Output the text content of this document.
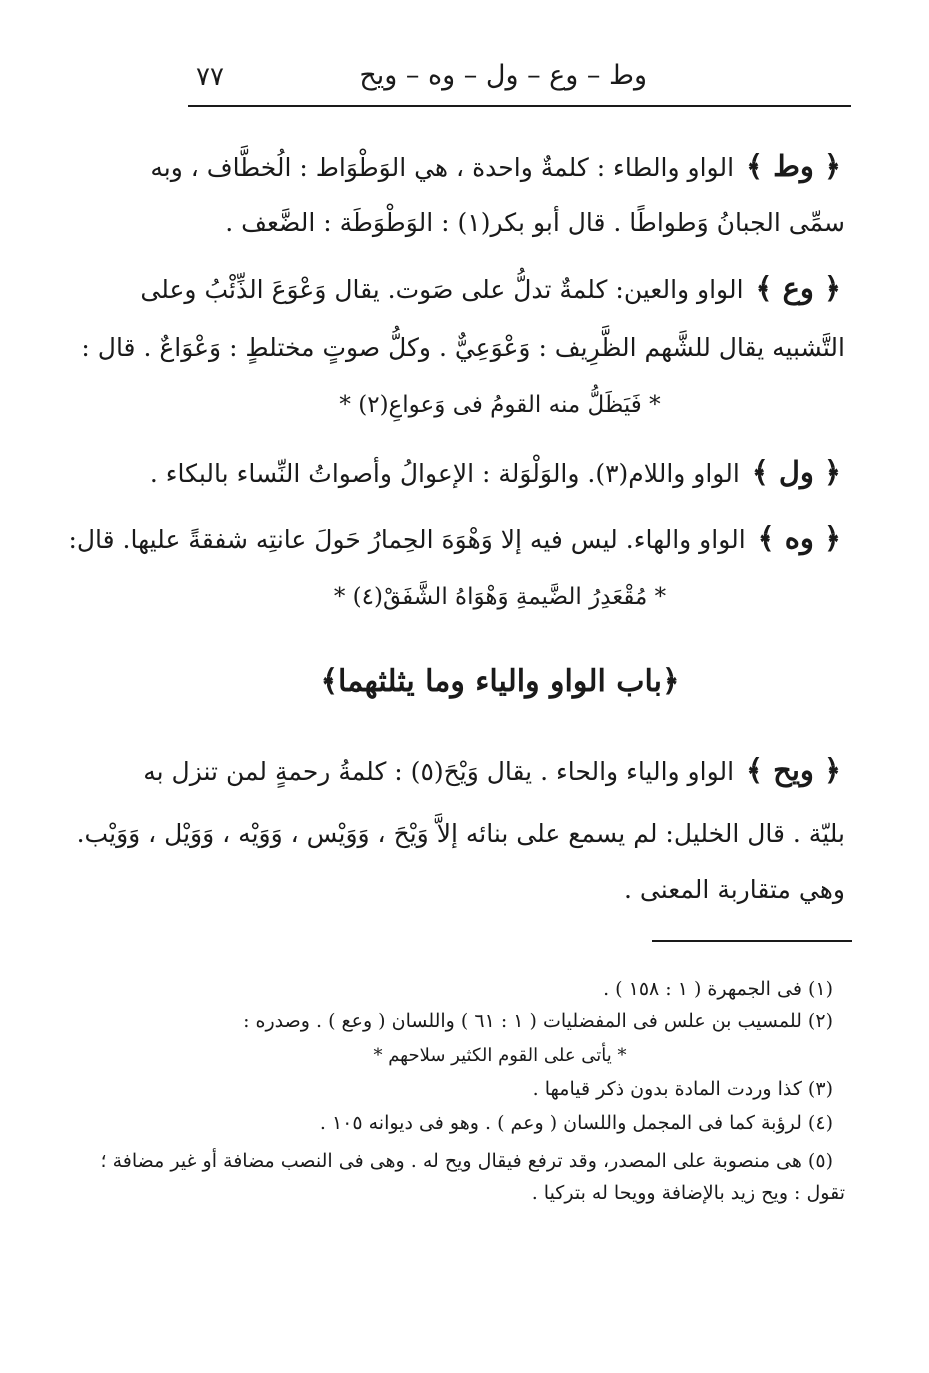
٧٧	وط – وع – ول – وه – ويح
﴿ وط ﴾ الواو والطاء : كلمةٌ واحدة ، هي الوَطْوَاط : الُخطَّاف ، وبه
سمِّى الجبانُ وَطواطًا . قال أبو بكر(١) : الوَطْوَطَة : الضَّعف .
﴿ وع ﴾ الواو والعين: كلمةٌ تدلُّ على صَوت. يقال وَعْوَعَ الذِّئْبُ وعلى
التَّشبيه يقال للشَّهم الظَّرِيف : وَعْوَعِيٌّ . وكلُّ صوتٍ مختلطٍ : وَعْوَاعٌ . قال :
* فَيَظَلُّ منه القومُ فى وَعواعِ(٢) *
﴿ ول ﴾ الواو واللام(٣). والوَلْوَلة : الإعوالُ وأصواتُ النِّساء بالبكاء .
﴿ وه ﴾ الواو والهاء. ليس فيه إلا وَهْوَهَ الحِمارُ حَولَ عانتِه شفقةً عليها. قال:
* مُقْعَدِرُ الضَّيمةِ وَهْوَاهُ الشَّفَقْ(٤) *
﴿باب الواو والياء وما يثلثهما﴾
﴿ ويح ﴾ الواو والياء والحاء . يقال وَيْحَ(٥) : كلمةُ رحمةٍ لمن تنزل به
بليّة . قال الخليل: لم يسمع على بنائه إلاَّ وَيْحَ ، وَوَيْس ، وَوَيْه ، وَوَيْل ، وَوَيْب.
وهي متقاربة المعنى .
(١) فى الجمهرة ( ١ : ١٥٨ ) .
(٢) للمسيب بن علس فى المفضليات ( ١ : ٦١ ) واللسان ( وعع ) . وصدره :
* يأتى على القوم الكثير سلاحهم *
(٣) كذا وردت المادة بدون ذكر قيامها .
(٤) لرؤبة كما فى المجمل واللسان ( وعم ) . وهو فى ديوانه ١٠٥ .
(٥) هى منصوبة على المصدر، وقد ترفع فيقال ويح له . وهى فى النصب مضافة أو غير مضافة ؛
تقول : ويح زيد بالإضافة وويحا له بتركيا .
